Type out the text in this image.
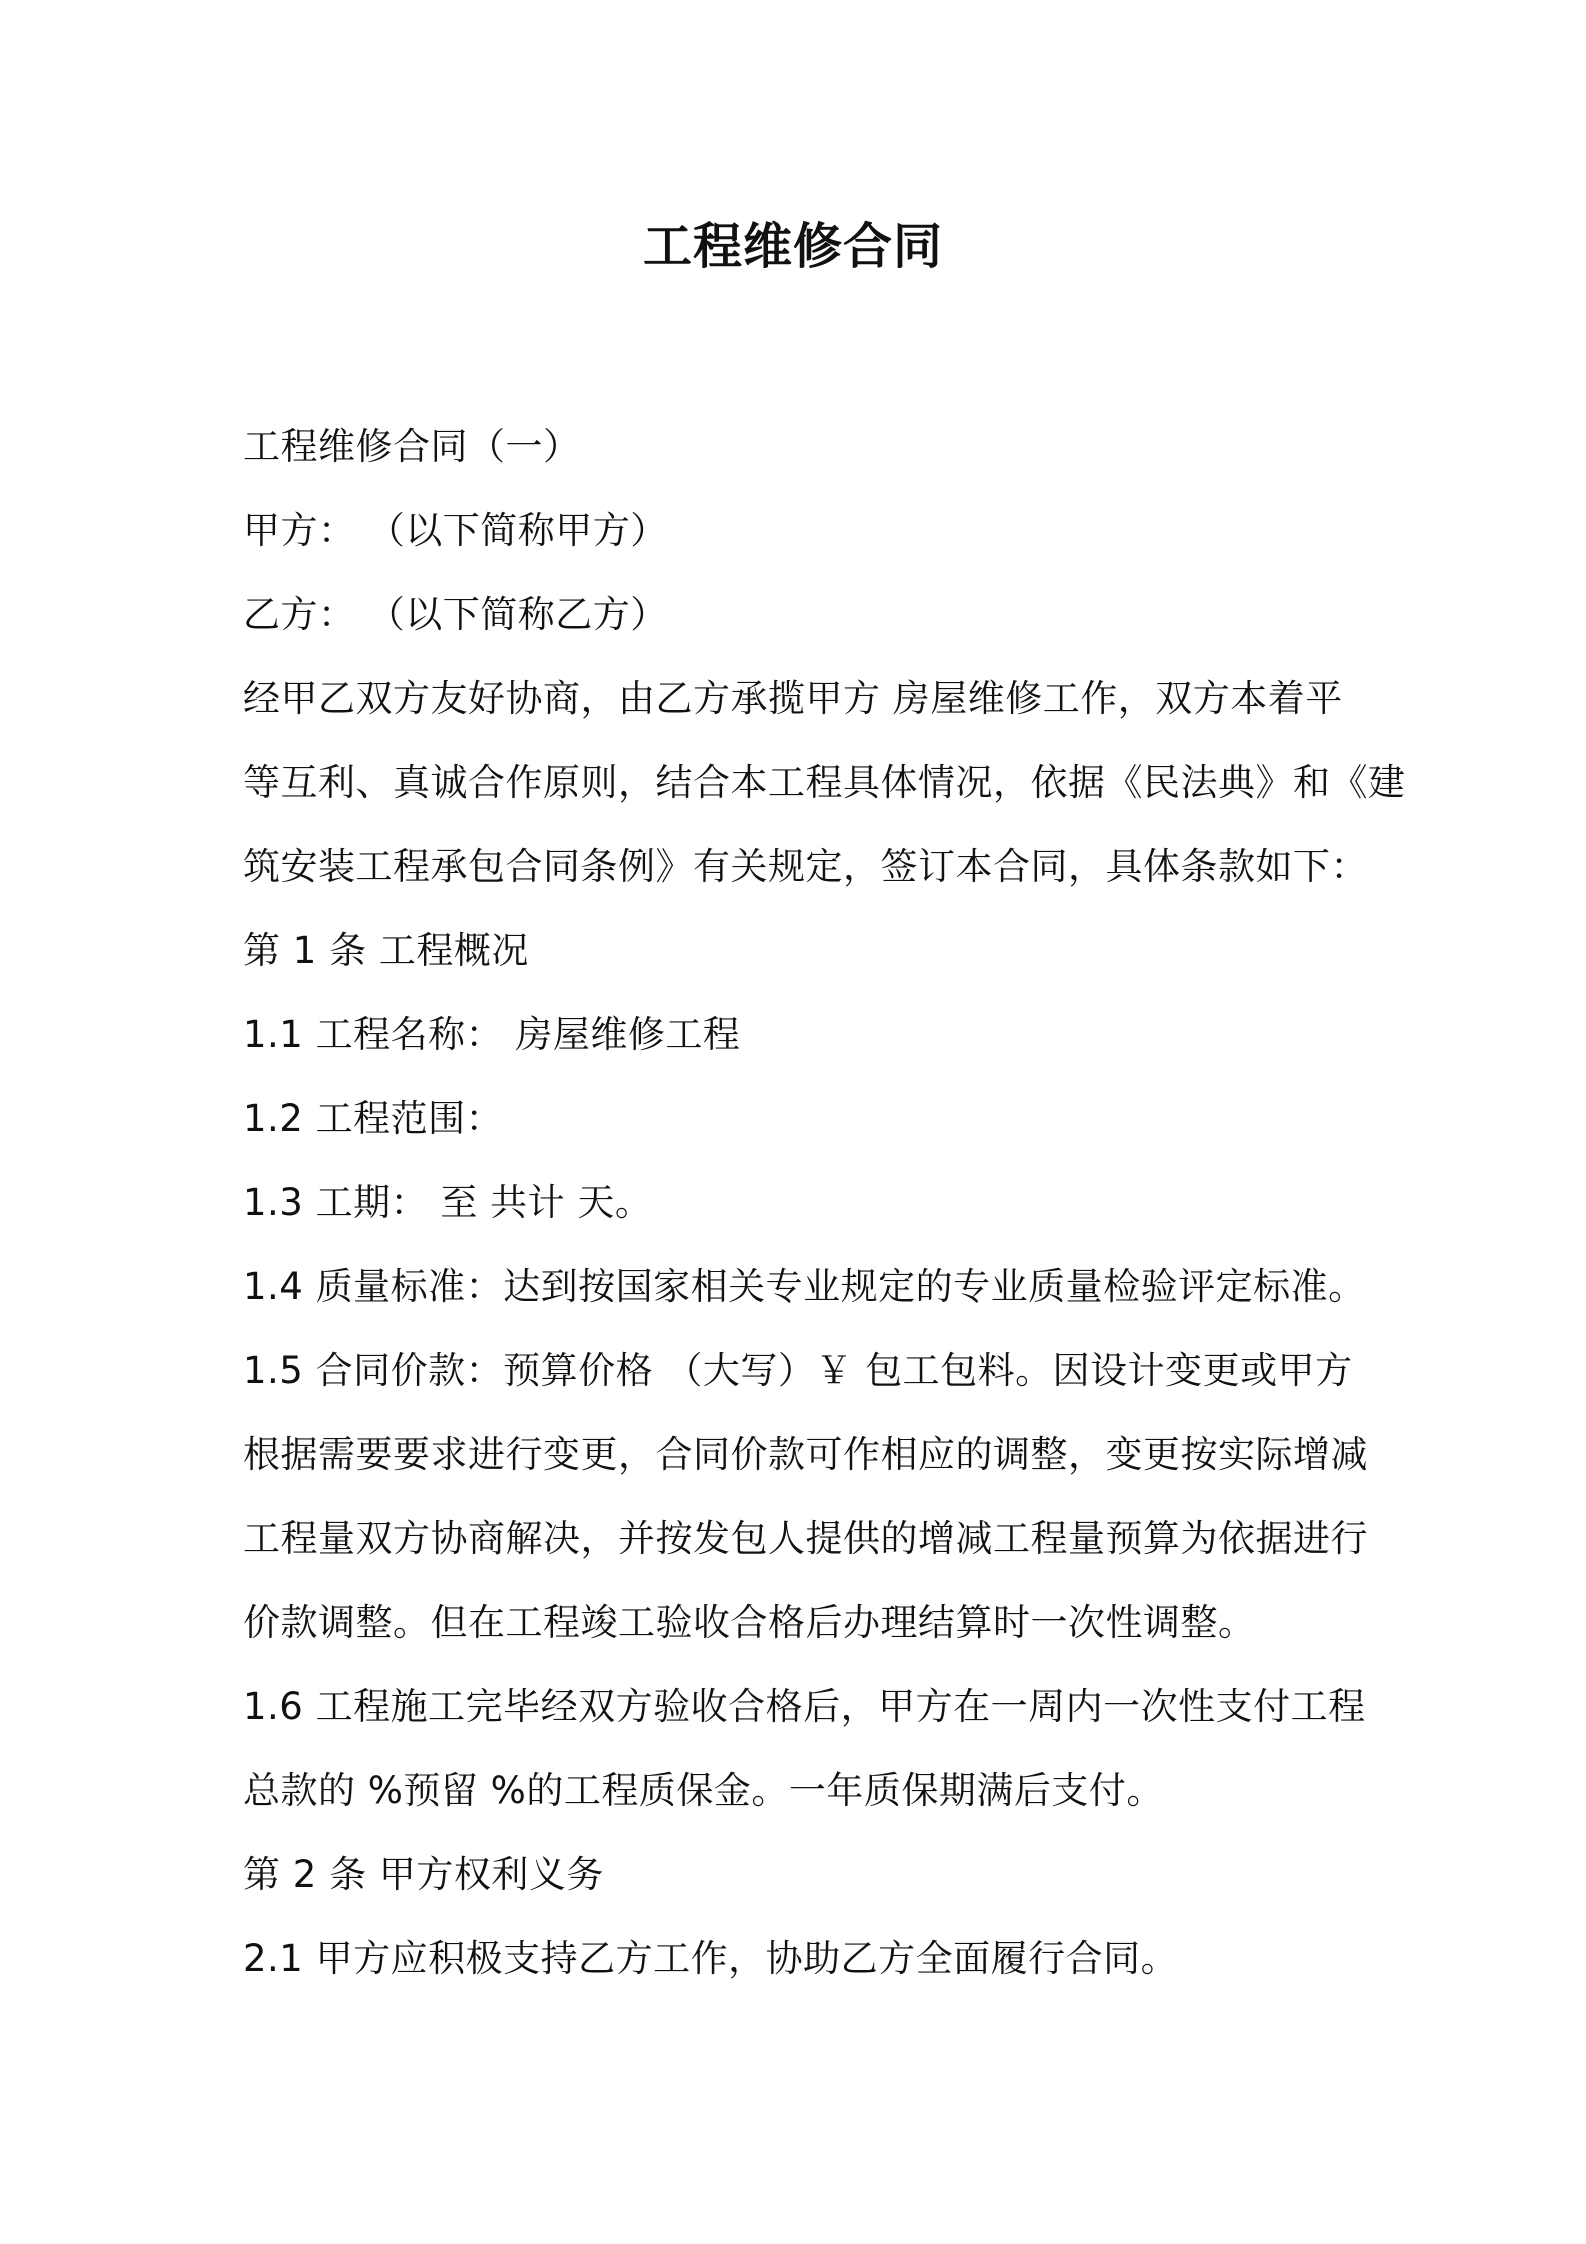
工程维修合同
工程维修合同（一）
甲方： （以下简称甲方）
乙方： （以下简称乙方）
经甲乙双方友好协商，由乙方承揽甲方 房屋维修工作，双方本着平
等互利、真诚合作原则，结合本工程具体情况，依据《民法典》和《建
筑安装工程承包合同条例》有关规定，签订本合同，具体条款如下：
第 1 条 工程概况
1.1 工程名称： 房屋维修工程
1.2 工程范围：
1.3 工期： 至 共计 天。
1.4 质量标准：达到按国家相关专业规定的专业质量检验评定标准。
1.5 合同价款：预算价格 （大写）￥ 包工包料。因设计变更或甲方
根据需要要求进行变更，合同价款可作相应的调整，变更按实际增减
工程量双方协商解决，并按发包人提供的增减工程量预算为依据进行
价款调整。但在工程竣工验收合格后办理结算时一次性调整。
1.6 工程施工完毕经双方验收合格后，甲方在一周内一次性支付工程
总款的 %预留 %的工程质保金。一年质保期满后支付。
第 2 条 甲方权利义务
2.1 甲方应积极支持乙方工作，协助乙方全面履行合同。
